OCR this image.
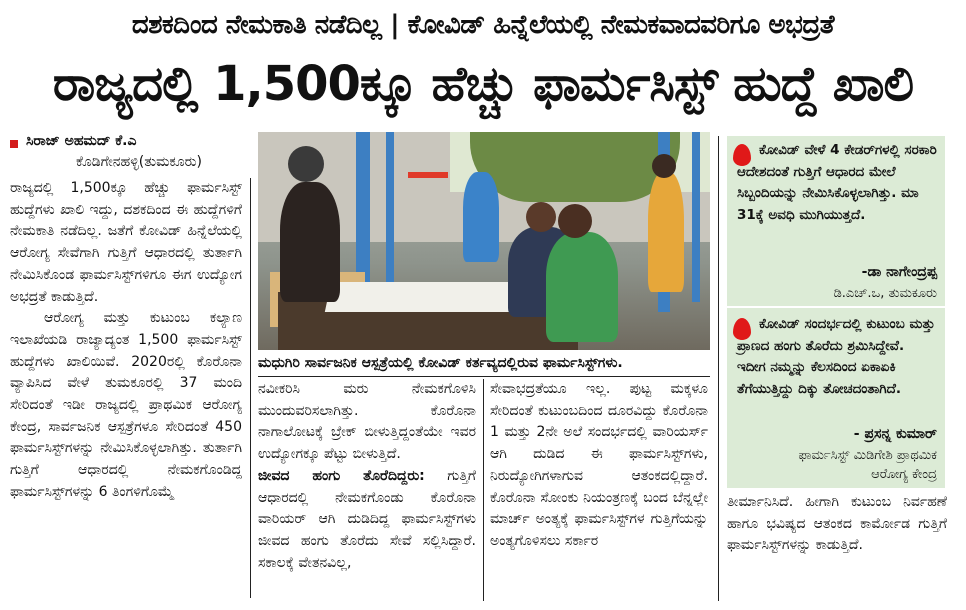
ದಶಕದಿಂದ ನೇಮಕಾತಿ ನಡೆದಿಲ್ಲ | ಕೋವಿಡ್ ಹಿನ್ನೆಲೆಯಲ್ಲಿ ನೇಮಕವಾದವರಿಗೂ ಅಭದ್ರತೆ
ರಾಜ್ಯದಲ್ಲಿ 1,500ಕ್ಕೂ ಹೆಚ್ಚು ಫಾರ್ಮಸಿಸ್ಟ್ ಹುದ್ದೆ ಖಾಲಿ
ಸಿರಾಜ್ ಅಹಮದ್ ಕೆ.ಎ
ಕೊಡಿಗೇನಹಳ್ಳಿ(ತುಮಕೂರು)

ರಾಜ್ಯದಲ್ಲಿ 1,500ಕ್ಕೂ ಹೆಚ್ಚು ಫಾರ್ಮಸಿಸ್ಟ್ ಹುದ್ದೆಗಳು ಖಾಲಿ ಇದ್ದು, ದಶಕದಿಂದ ಈ ಹುದ್ದೆಗಳಿಗೆ ನೇಮಕಾತಿ ನಡೆದಿಲ್ಲ. ಜತೆಗೆ ಕೋವಿಡ್ ಹಿನ್ನೆಲೆಯಲ್ಲಿ ಆರೋಗ್ಯ ಸೇವೆಗಾಗಿ ಗುತ್ತಿಗೆ ಆಧಾರದಲ್ಲಿ ತುರ್ತಾಗಿ ನೇಮಿಸಿಕೊಂಡ ಫಾರ್ಮಸಿಸ್ಟ್‌ಗಳಿಗೂ ಈಗ ಉದ್ಯೋಗ ಅಭದ್ರತೆ ಕಾಡುತ್ತಿದೆ.

ಆರೋಗ್ಯ ಮತ್ತು ಕುಟುಂಬ ಕಲ್ಯಾಣ ಇಲಾಖೆಯಡಿ ರಾಜ್ಯಾದ್ಯಂತ 1,500 ಫಾರ್ಮಸಿಸ್ಟ್ ಹುದ್ದೆಗಳು ಖಾಲಿಯಿವೆ. 2020ರಲ್ಲಿ ಕೊರೊನಾ ವ್ಯಾಪಿಸಿದ ವೇಳೆ ತುಮಕೂರಲ್ಲಿ 37 ಮಂದಿ ಸೇರಿದಂತೆ ಇಡೀ ರಾಜ್ಯದಲ್ಲಿ ಪ್ರಾಥಮಿಕ ಆರೋಗ್ಯ ಕೇಂದ್ರ, ಸಾರ್ವಜನಿಕ ಆಸ್ಪತ್ರೆಗಳೂ ಸೇರಿದಂತೆ 450 ಫಾರ್ಮಸಿಸ್ಟ್‌ಗಳನ್ನು ನೇಮಿಸಿಕೊಳ್ಳಲಾಗಿತ್ತು. ತುರ್ತಾಗಿ ಗುತ್ತಿಗೆ ಆಧಾರದಲ್ಲಿ ನೇಮಕಗೊಂಡಿದ್ದ ಫಾರ್ಮಸಿಸ್ಟ್‌ಗಳನ್ನು 6 ತಿಂಗಳಿಗೊಮ್ಮೆ

ಮಧುಗಿರಿ ಸಾರ್ವಜನಿಕ ಆಸ್ಪತ್ರೆಯಲ್ಲಿ ಕೋವಿಡ್ ಕರ್ತವ್ಯದಲ್ಲಿರುವ ಫಾರ್ಮಸಿಸ್ಟ್‌ಗಳು.

ನವೀಕರಿಸಿ ಮರು ನೇಮಕಗೊಳಿಸಿ ಮುಂದುವರಿಸಲಾಗಿತ್ತು. ಕೊರೊನಾ ನಾಗಾಲೋಟಕ್ಕೆ ಬ್ರೇಕ್ ಬೀಳುತ್ತಿದ್ದಂತೆಯೇ ಇವರ ಉದ್ಯೋಗಕ್ಕೂ ಪೆಟ್ಟು ಬೀಳುತ್ತಿದೆ.

ಜೀವದ ಹಂಗು ತೊರೆದಿದ್ದರು: ಗುತ್ತಿಗೆ ಆಧಾರದಲ್ಲಿ ನೇಮಕಗೊಂಡು ಕೊರೊನಾ ವಾರಿಯರ್ ಆಗಿ ದುಡಿದಿದ್ದ ಫಾರ್ಮಸಿಸ್ಟ್‌ಗಳು ಜೀವದ ಹಂಗು ತೊರೆದು ಸೇವೆ ಸಲ್ಲಿಸಿದ್ದಾರೆ. ಸಕಾಲಕ್ಕೆ ವೇತನವಿಲ್ಲ,

ಸೇವಾಭದ್ರತೆಯೂ ಇಲ್ಲ. ಪುಟ್ಟ ಮಕ್ಕಳೂ ಸೇರಿದಂತೆ ಕುಟುಂಬದಿಂದ ದೂರವಿದ್ದು ಕೊರೊನಾ 1 ಮತ್ತು 2ನೇ ಅಲೆ ಸಂದರ್ಭದಲ್ಲಿ ವಾರಿಯರ್ಸ್ ಆಗಿ ದುಡಿದ ಈ ಫಾರ್ಮಸಿಸ್ಟ್‌ಗಳು, ನಿರುದ್ಯೋಗಿಗಳಾಗುವ ಆತಂಕದಲ್ಲಿದ್ದಾರೆ. ಕೊರೊನಾ ಸೋಂಕು ನಿಯಂತ್ರಣಕ್ಕೆ ಬಂದ ಬೆನ್ನಲ್ಲೇ ಮಾರ್ಚ್ ಅಂತ್ಯಕ್ಕೆ ಫಾರ್ಮಸಿಸ್ಟ್‌ಗಳ ಗುತ್ತಿಗೆಯನ್ನು ಅಂತ್ಯಗೊಳಿಸಲು ಸರ್ಕಾರ

ಕೋವಿಡ್ ವೇಳೆ 4 ಕೇಡರ್‌ಗಳಲ್ಲಿ ಸರಕಾರಿ ಆದೇಶದಂತೆ ಗುತ್ತಿಗೆ ಆಧಾರದ ಮೇಲೆ ಸಿಬ್ಬಂದಿಯನ್ನು ನೇಮಿಸಿಕೊಳ್ಳಲಾಗಿತ್ತು. ಮಾ 31ಕ್ಕೆ ಅವಧಿ ಮುಗಿಯುತ್ತದೆ.
-ಡಾ ನಾಗೇಂದ್ರಪ್ಪ
ಡಿ.ಎಚ್.ಒ, ತುಮಕೂರು
ಕೋವಿಡ್ ಸಂದರ್ಭದಲ್ಲಿ ಕುಟುಂಬ ಮತ್ತು ಪ್ರಾಣದ ಹಂಗು ತೊರೆದು ಶ್ರಮಿಸಿದ್ದೇವೆ. ಇದೀಗ ನಮ್ಮನ್ನು ಕೆಲಸದಿಂದ ಏಕಾಏಕಿ ತೆಗೆಯುತ್ತಿದ್ದು ದಿಕ್ಕು ತೋಚದಂತಾಗಿದೆ.
- ಪ್ರಸನ್ನ ಕುಮಾರ್
ಫಾರ್ಮಸಿಸ್ಟ್ ಮಿಡಿಗೇಶಿ ಪ್ರಾಥಮಿಕ
ಆರೋಗ್ಯ ಕೇಂದ್ರ

ತೀರ್ಮಾನಿಸಿದೆ. ಹೀಗಾಗಿ ಕುಟುಂಬ ನಿರ್ವಹಣೆ ಹಾಗೂ ಭವಿಷ್ಯದ ಆತಂಕದ ಕಾರ್ಮೋಡ ಗುತ್ತಿಗೆ ಫಾರ್ಮಸಿಸ್ಟ್‌ಗಳನ್ನು ಕಾಡುತ್ತಿದೆ.
